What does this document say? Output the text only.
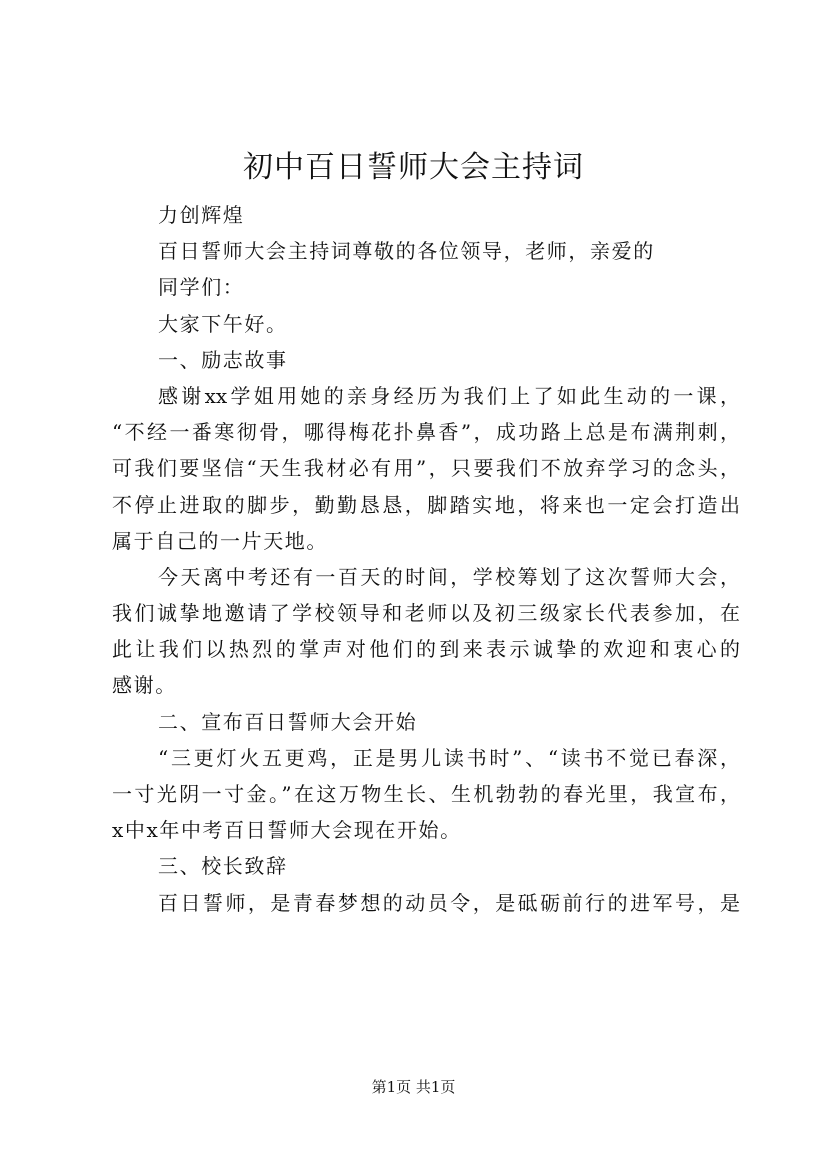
初中百日誓师大会主持词
力创辉煌
百日誓师大会主持词尊敬的各位领导，老师，亲爱的
同学们：
大家下午好。
一、励志故事
感谢xx学姐用她的亲身经历为我们上了如此生动的一课，
“不经一番寒彻骨，哪得梅花扑鼻香”，成功路上总是布满荆刺，
可我们要坚信“天生我材必有用”，只要我们不放弃学习的念头，
不停止进取的脚步，勤勤恳恳，脚踏实地，将来也一定会打造出
属于自己的一片天地。
今天离中考还有一百天的时间，学校筹划了这次誓师大会，
我们诚挚地邀请了学校领导和老师以及初三级家长代表参加，在
此让我们以热烈的掌声对他们的到来表示诚挚的欢迎和衷心的
感谢。
二、宣布百日誓师大会开始
“三更灯火五更鸡，正是男儿读书时”、“读书不觉已春深，
一寸光阴一寸金。”在这万物生长、生机勃勃的春光里，我宣布，
x中x年中考百日誓师大会现在开始。
三、校长致辞
百日誓师，是青春梦想的动员令，是砥砺前行的进军号，是
第1页 共1页
